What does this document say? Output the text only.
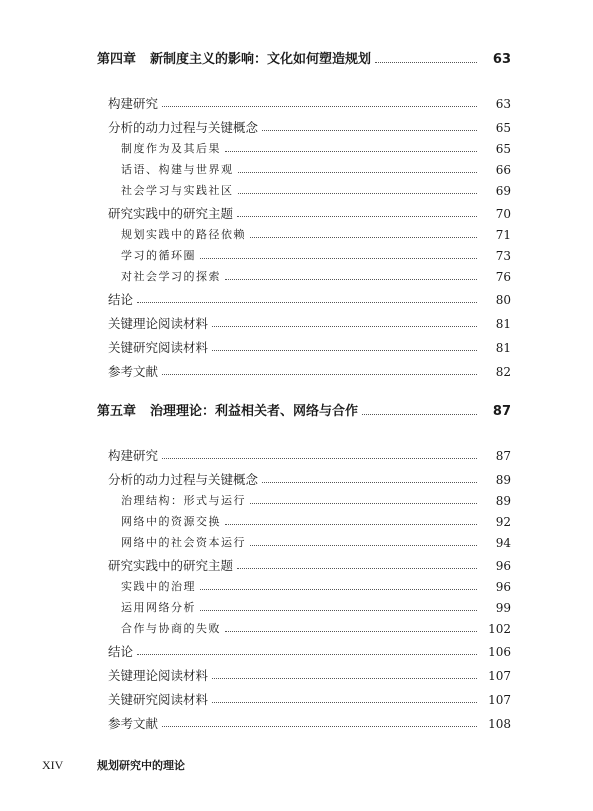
第四章 新制度主义的影响：文化如何塑造规划	63
构建研究	63
分析的动力过程与关键概念	65
制度作为及其后果	65
话语、构建与世界观	66
社会学习与实践社区	69
研究实践中的研究主题	70
规划实践中的路径依赖	71
学习的循环圈	73
对社会学习的探索	76
结论	80
关键理论阅读材料	81
关键研究阅读材料	81
参考文献	82
第五章 治理理论：利益相关者、网络与合作	87
构建研究	87
分析的动力过程与关键概念	89
治理结构：形式与运行	89
网络中的资源交换	92
网络中的社会资本运行	94
研究实践中的研究主题	96
实践中的治理	96
运用网络分析	99
合作与协商的失败	102
结论	106
关键理论阅读材料	107
关键研究阅读材料	107
参考文献	108
XIV	规划研究中的理论
